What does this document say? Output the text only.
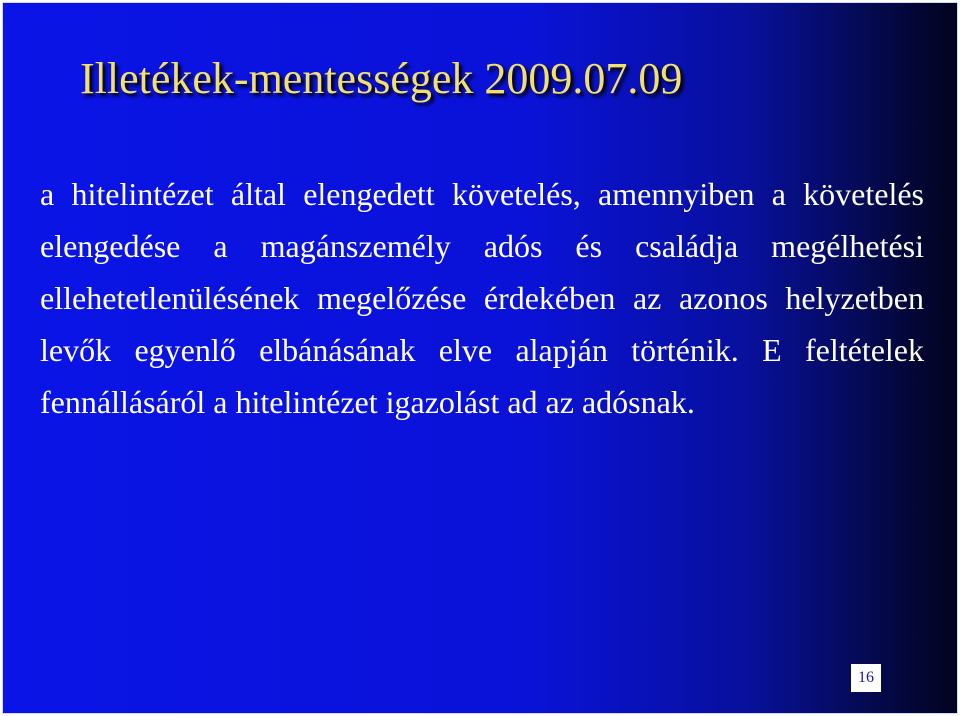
Illetékek-mentességek 2009.07.09

a hitelintézet által elengedett követelés, amennyiben a követelés elengedése a magánszemély adós és családja megélhetési ellehetetlenülésének megelőzése érdekében az azonos helyzetben levők egyenlő elbánásának elve alapján történik. E feltételek fennállásáról a hitelintézet igazolást ad az adósnak.

16
